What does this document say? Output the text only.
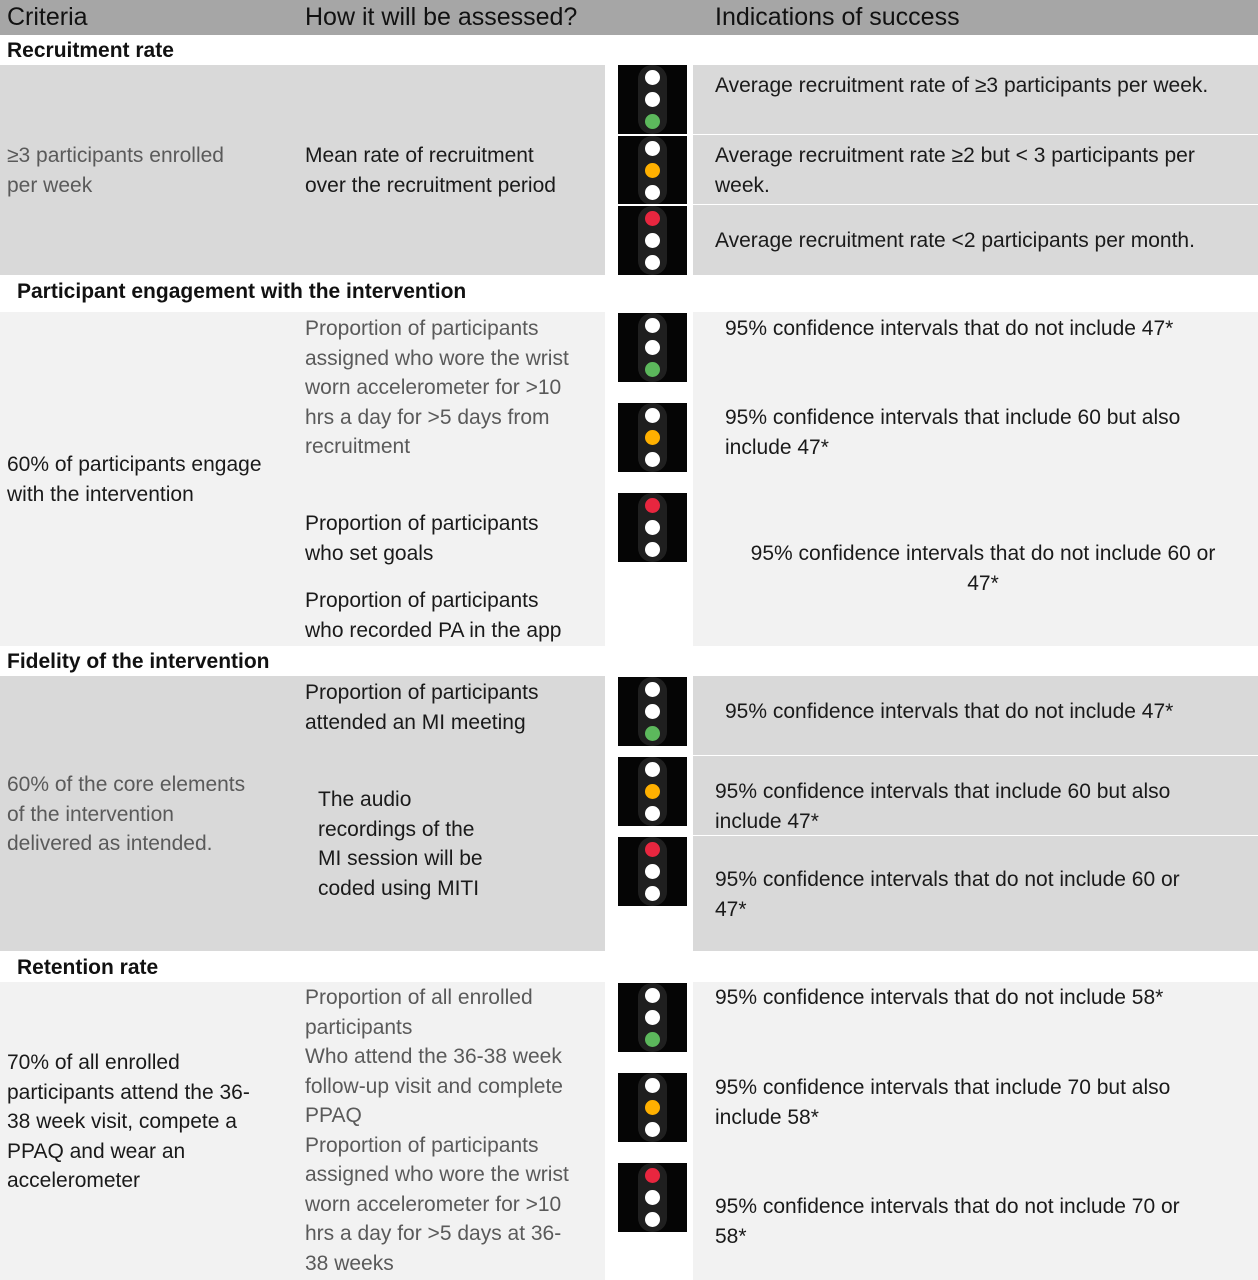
Criteria	How it will be assessed?	Indications of success
Recruitment rate
≥3 participants enrolled
per week
Mean rate of recruitment
over the recruitment period
Average recruitment rate of ≥3 participants per week.
Average recruitment rate ≥2 but < 3 participants per
week.
Average recruitment rate <2 participants per month.
Participant engagement with the intervention
60% of participants engage
with the intervention
Proportion of participants
assigned who wore the wrist
worn accelerometer for >10
hrs a day for >5 days from
recruitment
Proportion of participants
who set goals
Proportion of participants
who recorded PA in the app
95% confidence intervals that do not include 47*
95% confidence intervals that include 60 but also
include 47*
95% confidence intervals that do not include 60 or
47*
Fidelity of the intervention
60% of the core elements
of the intervention
delivered as intended.
Proportion of participants
attended an MI meeting
The audio
recordings of the
MI session will be
coded using MITI
95% confidence intervals that do not include 47*
95% confidence intervals that include 60 but also
include 47*
95% confidence intervals that do not include 60 or
47*
Retention rate
70% of all enrolled
participants attend the 36-
38 week visit, compete a
PPAQ and wear an
accelerometer
Proportion of all enrolled
participants
Who attend the 36-38 week
follow-up visit and complete
PPAQ
Proportion of participants
assigned who wore the wrist
worn accelerometer for >10
hrs a day for >5 days at 36-
38 weeks
95% confidence intervals that do not include 58*
95% confidence intervals that include 70 but also
include 58*
95% confidence intervals that do not include 70 or
58*
